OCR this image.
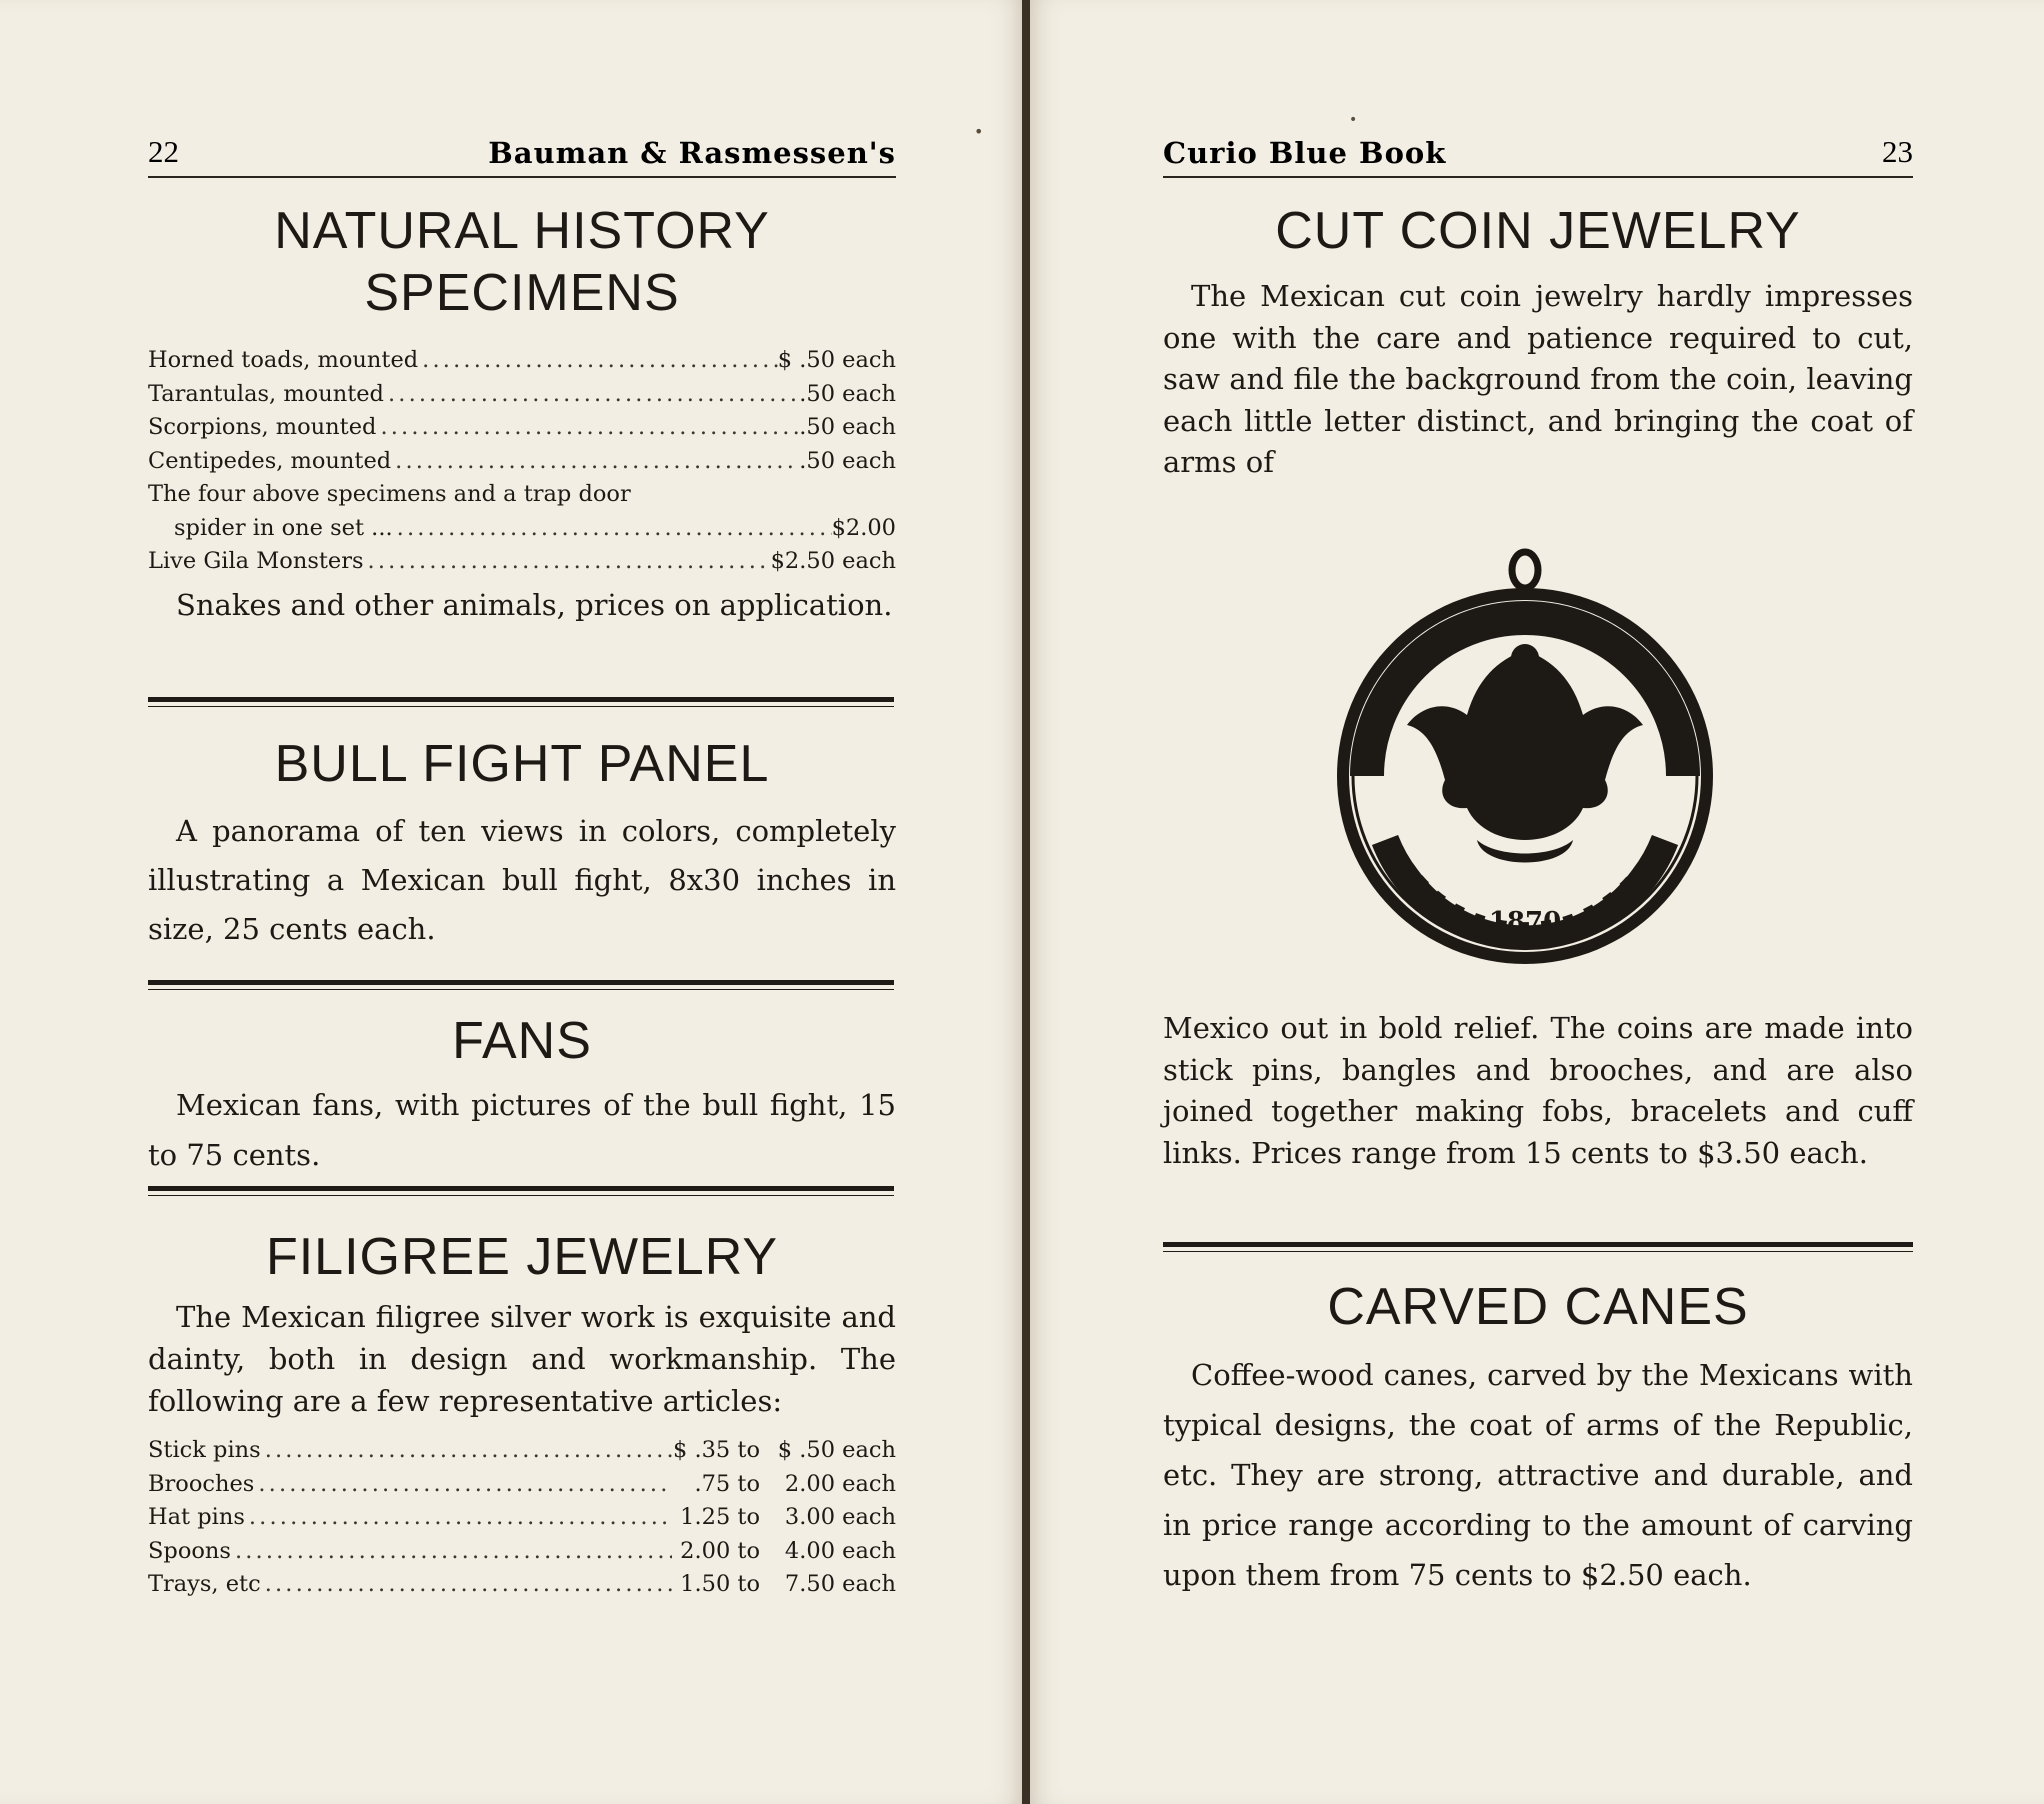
22	Bauman & Rasmessen's
NATURAL HISTORY
SPECIMENS
Horned toads, mounted . . .	$ .50 each
Tarantulas, mounted . . .	.50 each
Scorpions, mounted . . .	.50 each
Centipedes, mounted . . .	.50 each
The four above specimens and a trap door
spider in one set ... . . .	$2.00
Live Gila Monsters . . .	$2.50 each

Snakes and other animals, prices on application.

BULL FIGHT PANEL

A panorama of ten views in colors, completely illustrating a Mexican bull fight, 8x30 inches in size, 25 cents each.

FANS

Mexican fans, with pictures of the bull fight, 15 to 75 cents.

FILIGREE JEWELRY

The Mexican filigree silver work is exquisite and dainty, both in design and workmanship. The following are a few representative articles:

Stick pins . . .	$ .35 to $ .50 each
Brooches . . .	.75 to	2.00 each
Hat pins . . .	1.25 to	3.00 each
Spoons . . .	2.00 to	4.00 each
Trays, etc . . .	1.50 to	7.50 each
Curio Blue Book	23
CUT COIN JEWELRY

The Mexican cut coin jewelry hardly impresses one with the care and patience required to cut, saw and file the background from the coin, leaving each little letter distinct, and bringing the coat of arms of

Mexico out in bold relief. The coins are made into stick pins, bangles and brooches, and are also joined together making fobs, bracelets and cuff links. Prices range from 15 cents to $3.50 each.

CARVED CANES

Coffee-wood canes, carved by the Mexicans with typical designs, the coat of arms of the Republic, etc. They are strong, attractive and durable, and in price range according to the amount of carving upon them from 75 cents to $2.50 each.

1870
•
•
